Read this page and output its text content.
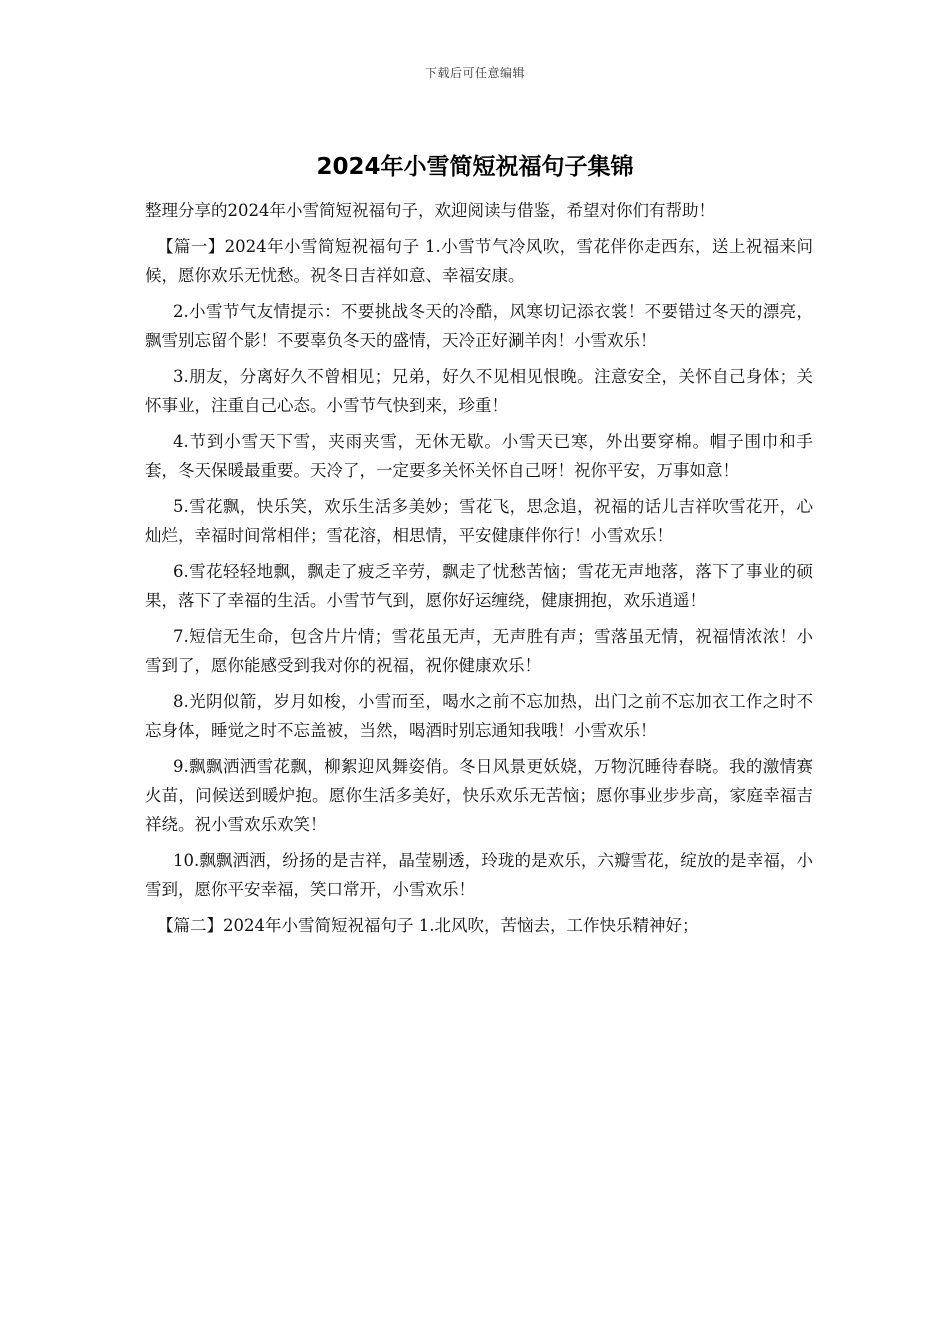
下载后可任意编辑
2024年小雪简短祝福句子集锦

整理分享的2024年小雪简短祝福句子，欢迎阅读与借鉴，希望对你们有帮助！

【篇一】2024年小雪简短祝福句子 1.小雪节气冷风吹，雪花伴你走西东，送上祝福来问候，愿你欢乐无忧愁。祝冬日吉祥如意、幸福安康。

2.小雪节气友情提示：不要挑战冬天的冷酷，风寒切记添衣裳！不要错过冬天的漂亮，飘雪别忘留个影！不要辜负冬天的盛情，天冷正好涮羊肉！小雪欢乐！

3.朋友，分离好久不曾相见；兄弟，好久不见相见恨晚。注意安全，关怀自己身体；关怀事业，注重自己心态。小雪节气快到来，珍重！

4.节到小雪天下雪，夹雨夹雪，无休无歇。小雪天已寒，外出要穿棉。帽子围巾和手套，冬天保暖最重要。天冷了，一定要多关怀关怀自己呀！祝你平安，万事如意！

5.雪花飘，快乐笑，欢乐生活多美妙；雪花飞，思念追，祝福的话儿吉祥吹雪花开，心灿烂，幸福时间常相伴；雪花溶，相思情，平安健康伴你行！小雪欢乐！

6.雪花轻轻地飘，飘走了疲乏辛劳，飘走了忧愁苦恼；雪花无声地落，落下了事业的硕果，落下了幸福的生活。小雪节气到，愿你好运缠绕，健康拥抱，欢乐逍遥！

7.短信无生命，包含片片情；雪花虽无声，无声胜有声；雪落虽无情，祝福情浓浓！小雪到了，愿你能感受到我对你的祝福，祝你健康欢乐！

8.光阴似箭，岁月如梭，小雪而至，喝水之前不忘加热，出门之前不忘加衣工作之时不忘身体，睡觉之时不忘盖被，当然，喝酒时别忘通知我哦！小雪欢乐！

9.飘飘洒洒雪花飘，柳絮迎风舞姿俏。冬日风景更妖娆，万物沉睡待春晓。我的激情赛火苗，问候送到暖炉抱。愿你生活多美好，快乐欢乐无苦恼；愿你事业步步高，家庭幸福吉祥绕。祝小雪欢乐欢笑！

10.飘飘洒洒，纷扬的是吉祥，晶莹剔透，玲珑的是欢乐，六瓣雪花，绽放的是幸福，小雪到，愿你平安幸福，笑口常开，小雪欢乐！

【篇二】2024年小雪简短祝福句子 1.北风吹，苦恼去，工作快乐精神好；
